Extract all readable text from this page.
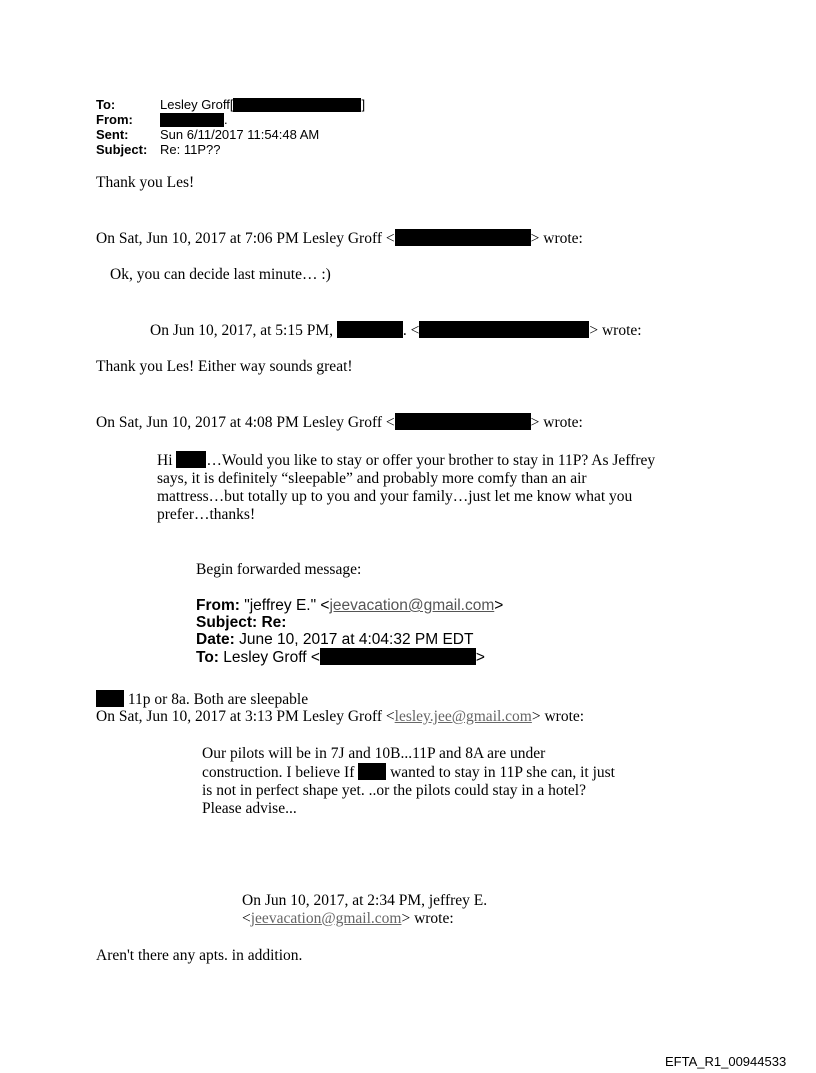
To:	Lesley Groff[	]
From:	.
Sent: Sun 6/11/2017 11:54:48 AM
Subject: Re: 11P??
Thank you Les!
On Sat, Jun 10, 2017 at 7:06 PM Lesley Groff <	> wrote:
Ok, you can decide last minute… :)
On Jun 10, 2017, at 5:15 PM,	. <	> wrote:
Thank you Les! Either way sounds great!
On Sat, Jun 10, 2017 at 4:08 PM Lesley Groff <	> wrote:
Hi …Would you like to stay or offer your brother to stay in 11P? As Jeffrey
says, it is definitely “sleepable” and probably more comfy than an air
mattress…but totally up to you and your family…just let me know what you
prefer…thanks!
Begin forwarded message:
From: "jeffrey E." <jeevacation@gmail.com>
Subject: Re:
Date: June 10, 2017 at 4:04:32 PM EDT
To: Lesley Groff <	>
11p or 8a. Both are sleepable
On Sat, Jun 10, 2017 at 3:13 PM Lesley Groff <lesley.jee@gmail.com> wrote:
Our pilots will be in 7J and 10B...11P and 8A are under
construction. I believe If wanted to stay in 11P she can, it just
is not in perfect shape yet. ..or the pilots could stay in a hotel?
Please advise...
On Jun 10, 2017, at 2:34 PM, jeffrey E.
<jeevacation@gmail.com> wrote:
Aren't there any apts. in addition.
EFTA_R1_00944533
